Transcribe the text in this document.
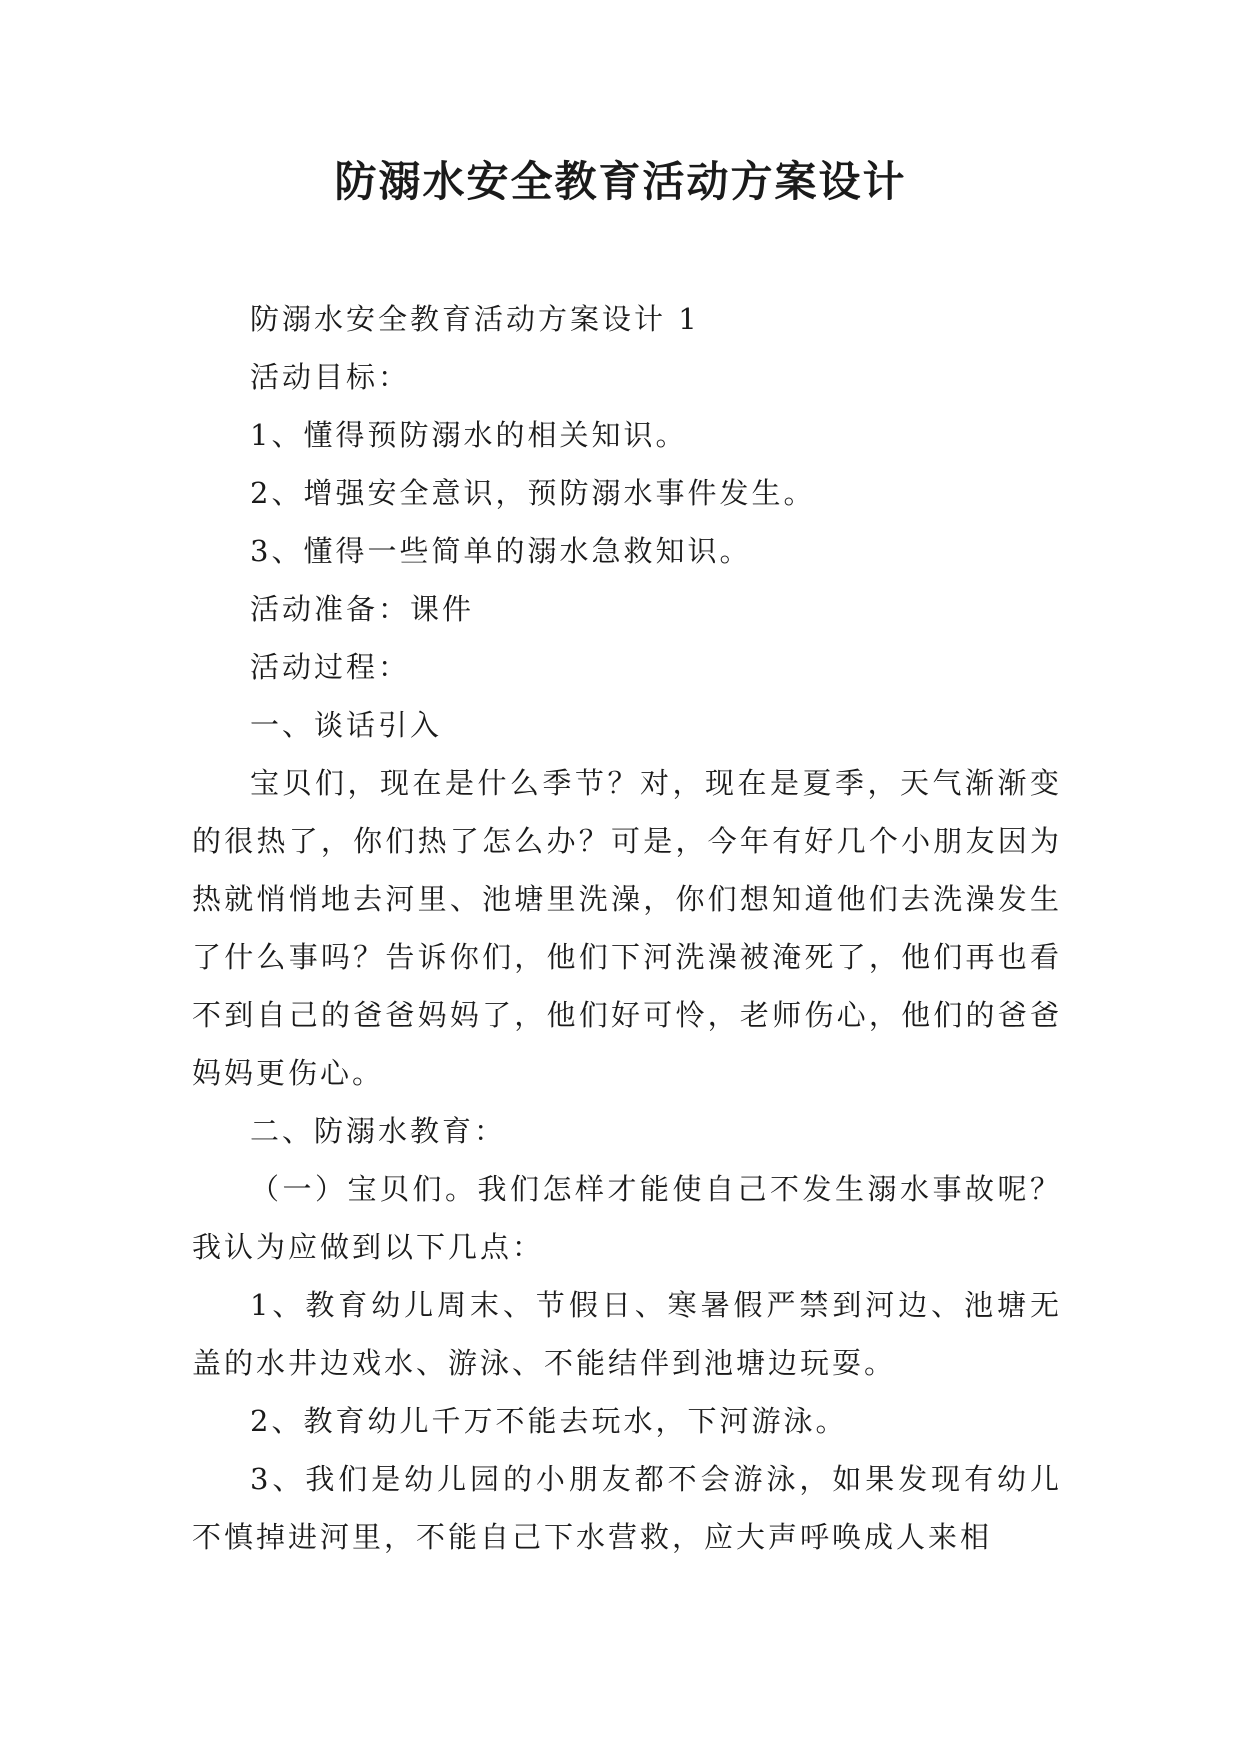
防溺水安全教育活动方案设计

防溺水安全教育活动方案设计 1

活动目标：

1、懂得预防溺水的相关知识。

2、增强安全意识，预防溺水事件发生。

3、懂得一些简单的溺水急救知识。

活动准备：课件

活动过程：

一、谈话引入

宝贝们，现在是什么季节？对，现在是夏季，天气渐渐变的很热了，你们热了怎么办？可是，今年有好几个小朋友因为热就悄悄地去河里、池塘里洗澡，你们想知道他们去洗澡发生了什么事吗？告诉你们，他们下河洗澡被淹死了，他们再也看不到自己的爸爸妈妈了，他们好可怜，老师伤心，他们的爸爸妈妈更伤心。

二、防溺水教育：

（一）宝贝们。我们怎样才能使自己不发生溺水事故呢？我认为应做到以下几点：

1、教育幼儿周末、节假日、寒暑假严禁到河边、池塘无盖的水井边戏水、游泳、不能结伴到池塘边玩耍。

2、教育幼儿千万不能去玩水，下河游泳。

3、我们是幼儿园的小朋友都不会游泳，如果发现有幼儿不慎掉进河里，不能自己下水营救，应大声呼唤成人来相
